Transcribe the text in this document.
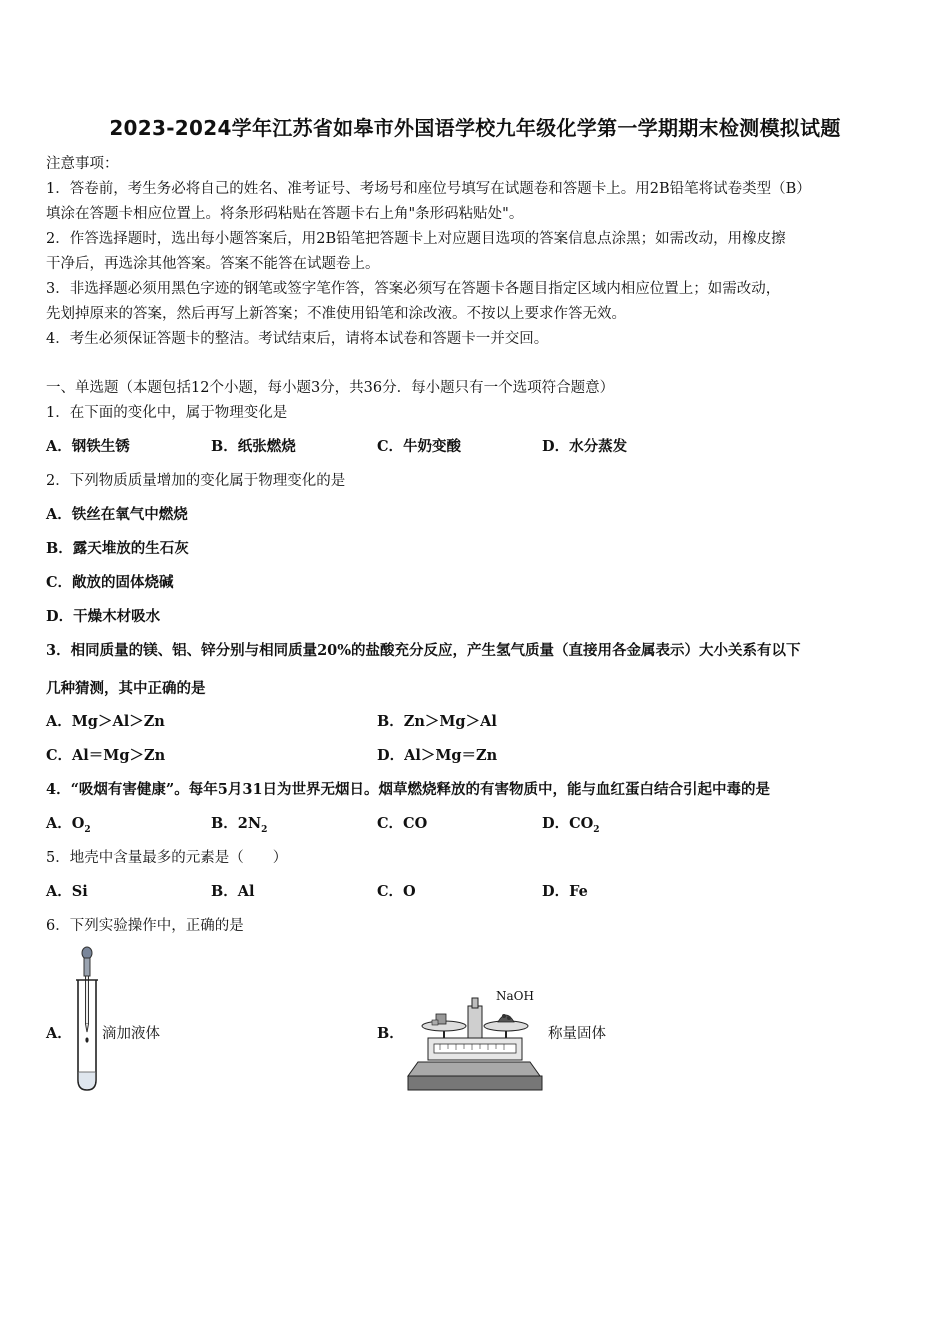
2023-2024学年江苏省如皋市外国语学校九年级化学第一学期期末检测模拟试题
注意事项：
1．答卷前，考生务必将自己的姓名、准考证号、考场号和座位号填写在试题卷和答题卡上。用2B铅笔将试卷类型（B）
填涂在答题卡相应位置上。将条形码粘贴在答题卡右上角"条形码粘贴处"。
2．作答选择题时，选出每小题答案后，用2B铅笔把答题卡上对应题目选项的答案信息点涂黑；如需改动，用橡皮擦
干净后，再选涂其他答案。答案不能答在试题卷上。
3．非选择题必须用黑色字迹的钢笔或签字笔作答，答案必须写在答题卡各题目指定区域内相应位置上；如需改动，
先划掉原来的答案，然后再写上新答案；不准使用铅笔和涂改液。不按以上要求作答无效。
4．考生必须保证答题卡的整洁。考试结束后，请将本试卷和答题卡一并交回。
一、单选题（本题包括12个小题，每小题3分，共36分．每小题只有一个选项符合题意）
1．在下面的变化中，属于物理变化是
A．钢铁生锈	B．纸张燃烧	C．牛奶变酸	D．水分蒸发
2．下列物质质量增加的变化属于物理变化的是
A．铁丝在氧气中燃烧
B．露天堆放的生石灰
C．敞放的固体烧碱
D．干燥木材吸水
3．相同质量的镁、铝、锌分别与相同质量20%的盐酸充分反应，产生氢气质量（直接用各金属表示）大小关系有以下
几种猜测，其中正确的是
A．Mg＞Al＞Zn	B．Zn＞Mg＞Al
C．Al＝Mg＞Zn	D．Al＞Mg＝Zn
4．“吸烟有害健康”。每年5月31日为世界无烟日。烟草燃烧释放的有害物质中，能与血红蛋白结合引起中毒的是
A．$O_2$	B．$2N_2$	C．CO	D．$CO_2$
5．地壳中含量最多的元素是（　　）
A．Si	B．Al	C．O	D．Fe
6．下列实验操作中，正确的是
A． 滴加液体	B．
NaOH
称量固体
